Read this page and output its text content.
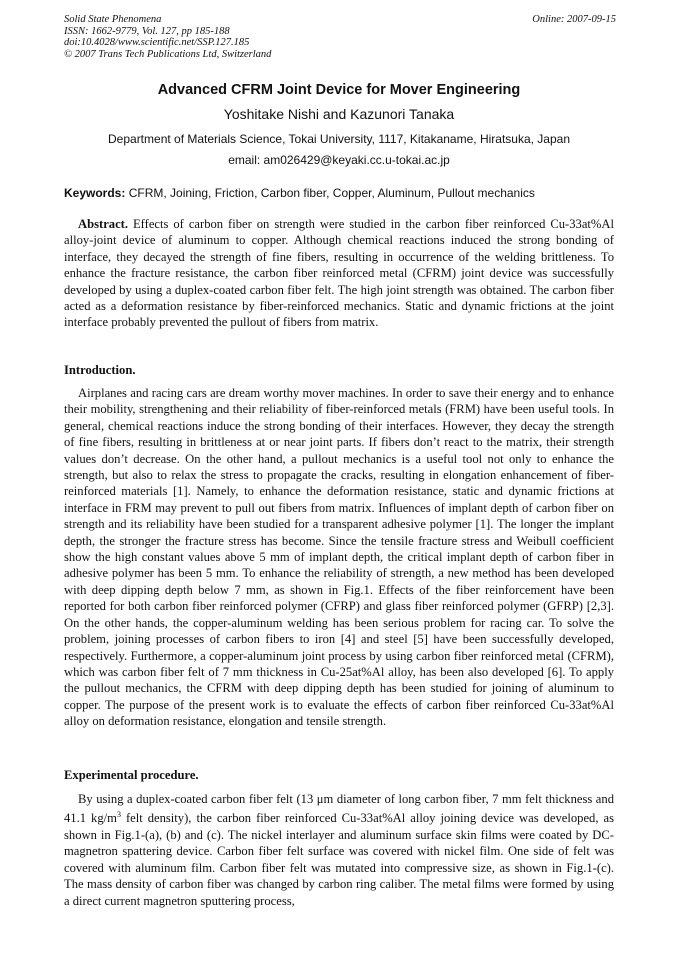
Solid State Phenomena
ISSN: 1662-9779, Vol. 127, pp 185-188
doi:10.4028/www.scientific.net/SSP.127.185
© 2007 Trans Tech Publications Ltd, Switzerland
Online: 2007-09-15
Advanced CFRM Joint Device for Mover Engineering
Yoshitake Nishi and Kazunori Tanaka
Department of Materials Science, Tokai University, 1117, Kitakaname, Hiratsuka, Japan
email: am026429@keyaki.cc.u-tokai.ac.jp
Keywords: CFRM, Joining, Friction, Carbon fiber, Copper, Aluminum, Pullout mechanics
Abstract. Effects of carbon fiber on strength were studied in the carbon fiber reinforced Cu-33at%Al alloy-joint device of aluminum to copper. Although chemical reactions induced the strong bonding of interface, they decayed the strength of fine fibers, resulting in occurrence of the welding brittleness. To enhance the fracture resistance, the carbon fiber reinforced metal (CFRM) joint device was successfully developed by using a duplex-coated carbon fiber felt. The high joint strength was obtained. The carbon fiber acted as a deformation resistance by fiber-reinforced mechanics. Static and dynamic frictions at the joint interface probably prevented the pullout of fibers from matrix.
Introduction.
Airplanes and racing cars are dream worthy mover machines. In order to save their energy and to enhance their mobility, strengthening and their reliability of fiber-reinforced metals (FRM) have been useful tools. In general, chemical reactions induce the strong bonding of their interfaces. However, they decay the strength of fine fibers, resulting in brittleness at or near joint parts. If fibers don’t react to the matrix, their strength values don’t decrease. On the other hand, a pullout mechanics is a useful tool not only to enhance the strength, but also to relax the stress to propagate the cracks, resulting in elongation enhancement of fiber-reinforced materials [1]. Namely, to enhance the deformation resistance, static and dynamic frictions at interface in FRM may prevent to pull out fibers from matrix. Influences of implant depth of carbon fiber on strength and its reliability have been studied for a transparent adhesive polymer [1]. The longer the implant depth, the stronger the fracture stress has become. Since the tensile fracture stress and Weibull coefficient show the high constant values above 5 mm of implant depth, the critical implant depth of carbon fiber in adhesive polymer has been 5 mm. To enhance the reliability of strength, a new method has been developed with deep dipping depth below 7 mm, as shown in Fig.1. Effects of the fiber reinforcement have been reported for both carbon fiber reinforced polymer (CFRP) and glass fiber reinforced polymer (GFRP) [2,3]. On the other hands, the copper-aluminum welding has been serious problem for racing car. To solve the problem, joining processes of carbon fibers to iron [4] and steel [5] have been successfully developed, respectively. Furthermore, a copper-aluminum joint process by using carbon fiber reinforced metal (CFRM), which was carbon fiber felt of 7 mm thickness in Cu-25at%Al alloy, has been also developed [6]. To apply the pullout mechanics, the CFRM with deep dipping depth has been studied for joining of aluminum to copper. The purpose of the present work is to evaluate the effects of carbon fiber reinforced Cu-33at%Al alloy on deformation resistance, elongation and tensile strength.
Experimental procedure.
By using a duplex-coated carbon fiber felt (13 μm diameter of long carbon fiber, 7 mm felt thickness and 41.1 $kg/m^3$ felt density), the carbon fiber reinforced Cu-33at%Al alloy joining device was developed, as shown in Fig.1-(a), (b) and (c). The nickel interlayer and aluminum surface skin films were coated by DC-magnetron spattering device. Carbon fiber felt surface was covered with nickel film. One side of felt was covered with aluminum film. Carbon fiber felt was mutated into compressive size, as shown in Fig.1-(c). The mass density of carbon fiber was changed by carbon ring caliber. The metal films were formed by using a direct current magnetron sputtering process,
